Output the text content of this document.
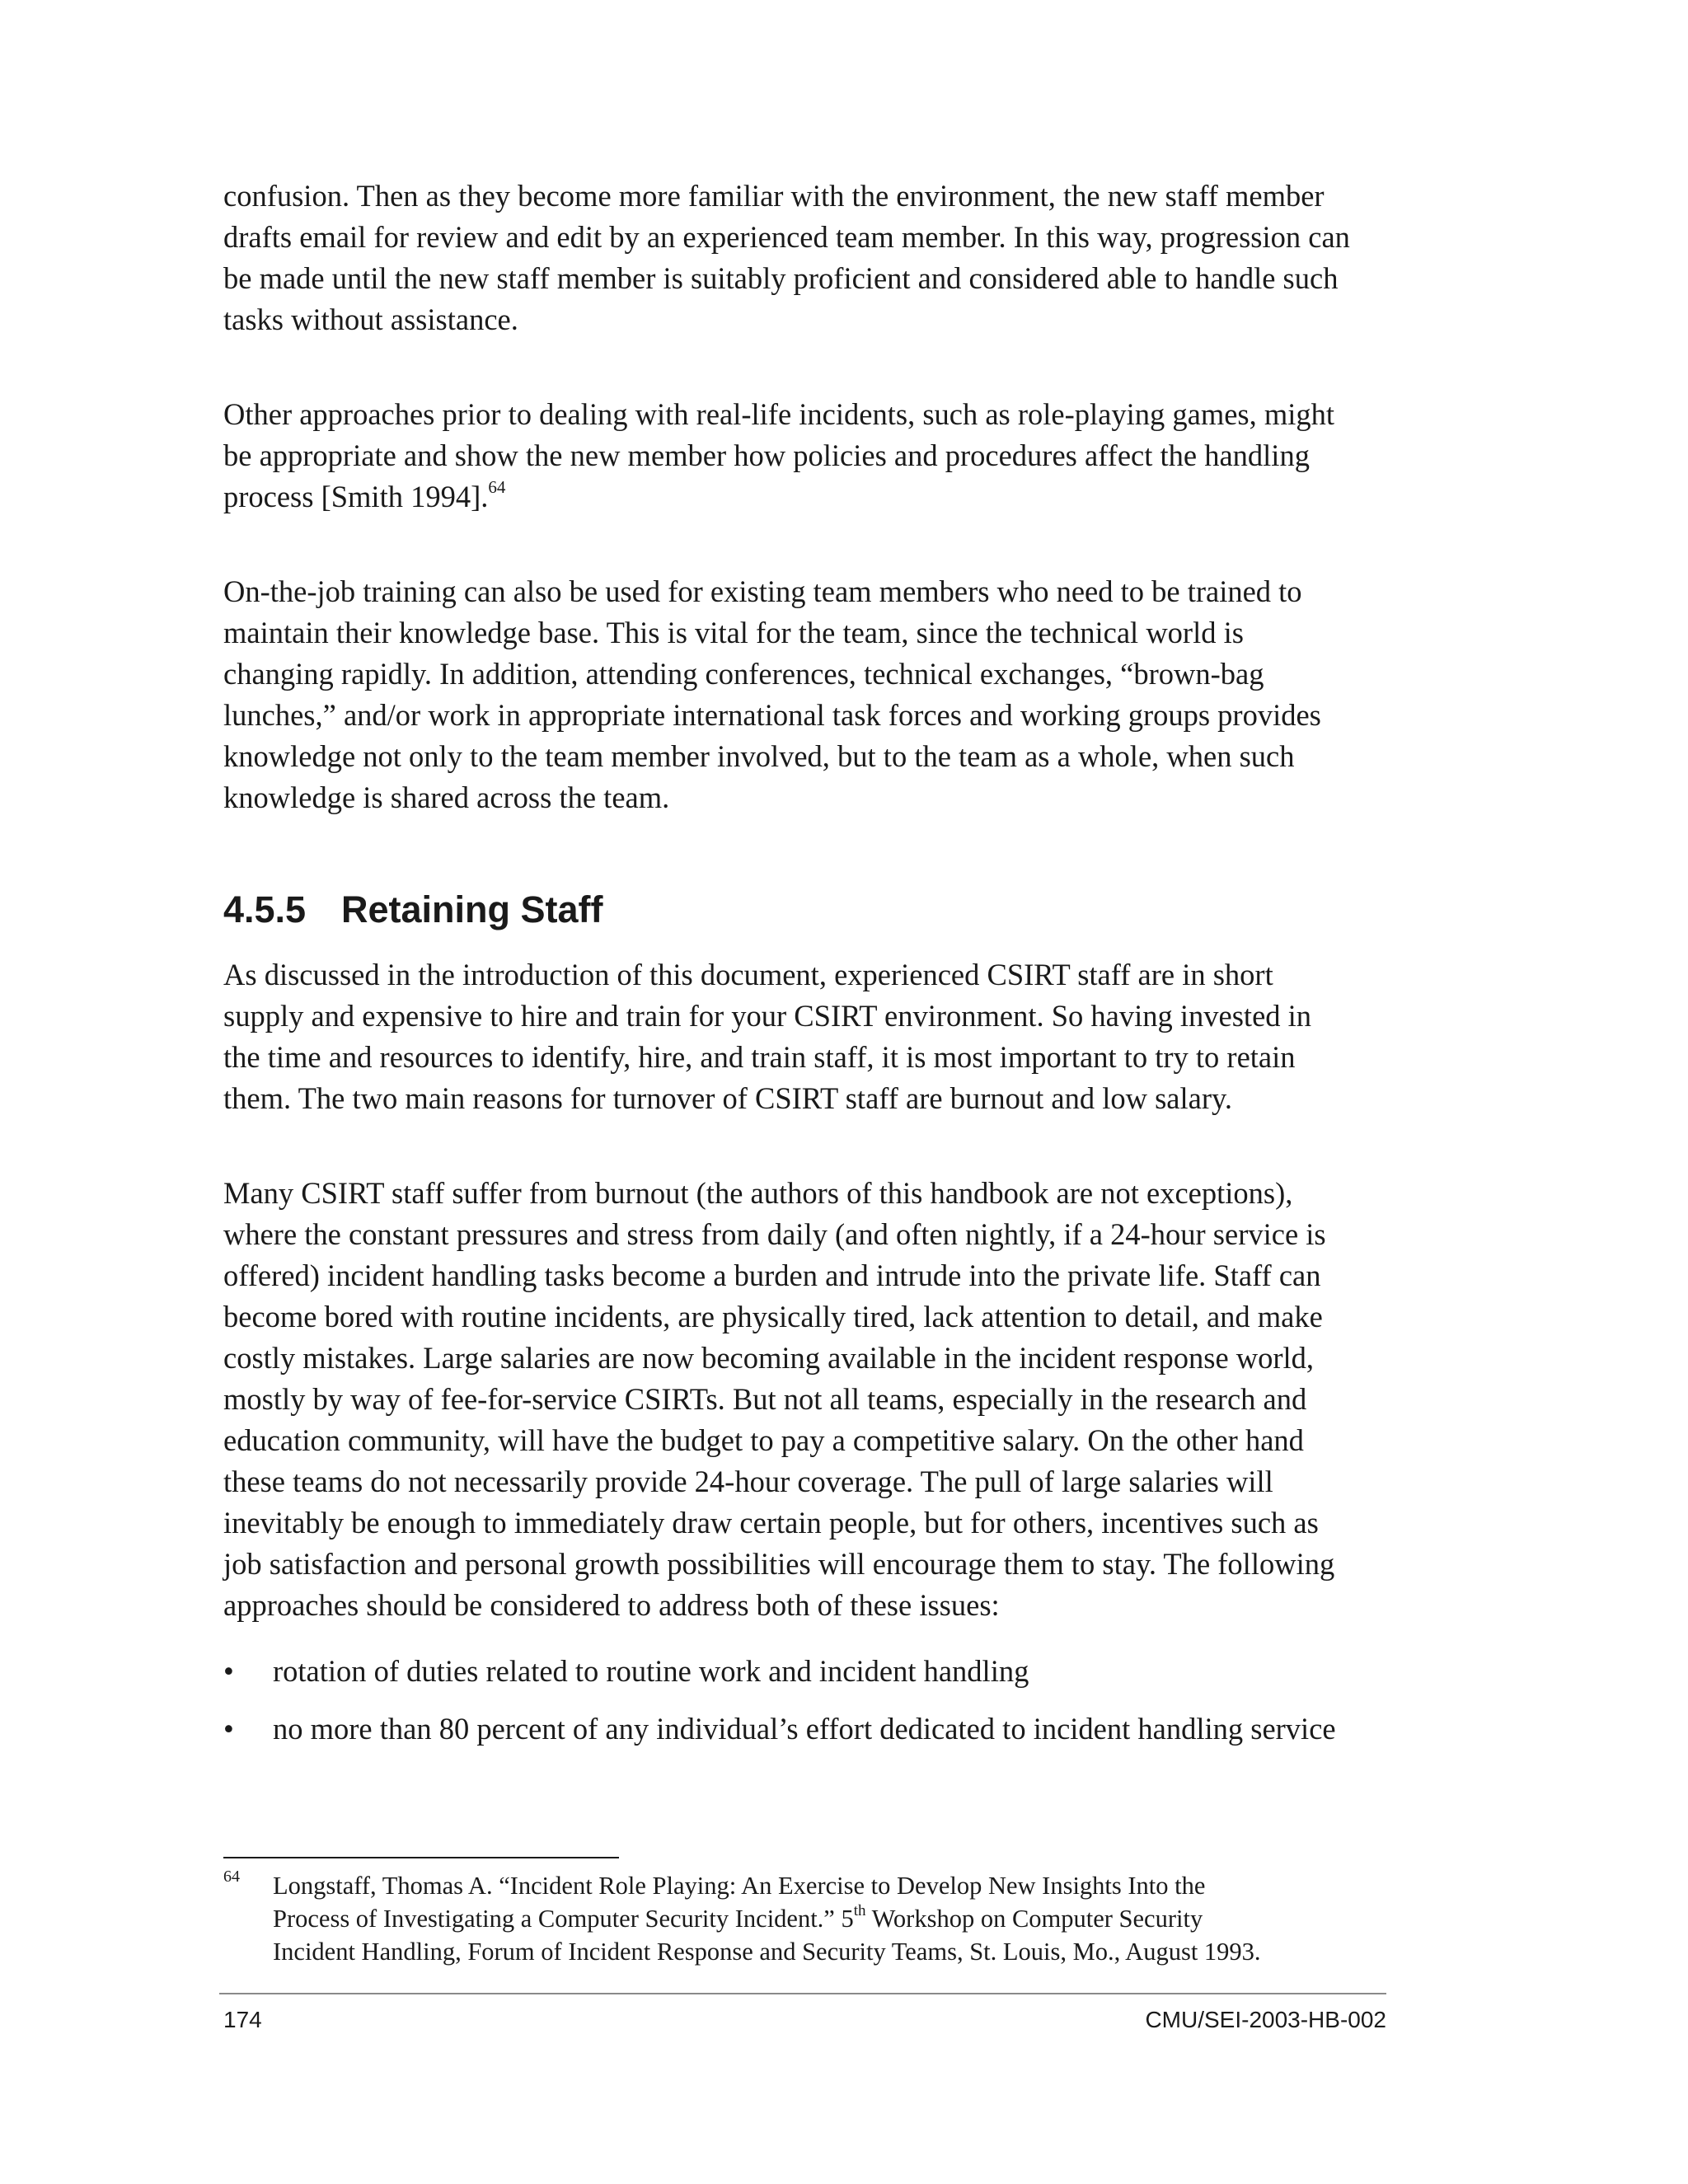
confusion. Then as they become more familiar with the environment, the new staff member
drafts email for review and edit by an experienced team member. In this way, progression can
be made until the new staff member is suitably proficient and considered able to handle such
tasks without assistance.

Other approaches prior to dealing with real-life incidents, such as role-playing games, might
be appropriate and show the new member how policies and procedures affect the handling
process [Smith 1994].$^{64}$

On-the-job training can also be used for existing team members who need to be trained to
maintain their knowledge base. This is vital for the team, since the technical world is
changing rapidly. In addition, attending conferences, technical exchanges, “brown-bag
lunches,” and/or work in appropriate international task forces and working groups provides
knowledge not only to the team member involved, but to the team as a whole, when such
knowledge is shared across the team.

4.5.5 Retaining Staff

As discussed in the introduction of this document, experienced CSIRT staff are in short
supply and expensive to hire and train for your CSIRT environment. So having invested in
the time and resources to identify, hire, and train staff, it is most important to try to retain
them. The two main reasons for turnover of CSIRT staff are burnout and low salary.

Many CSIRT staff suffer from burnout (the authors of this handbook are not exceptions),
where the constant pressures and stress from daily (and often nightly, if a 24-hour service is
offered) incident handling tasks become a burden and intrude into the private life. Staff can
become bored with routine incidents, are physically tired, lack attention to detail, and make
costly mistakes. Large salaries are now becoming available in the incident response world,
mostly by way of fee-for-service CSIRTs. But not all teams, especially in the research and
education community, will have the budget to pay a competitive salary. On the other hand
these teams do not necessarily provide 24-hour coverage. The pull of large salaries will
inevitably be enough to immediately draw certain people, but for others, incentives such as
job satisfaction and personal growth possibilities will encourage them to stay. The following
approaches should be considered to address both of these issues:

•	rotation of duties related to routine work and incident handling
•	no more than 80 percent of any individual’s effort dedicated to incident handling service
64 Longstaff, Thomas A. “Incident Role Playing: An Exercise to Develop New Insights Into the
Process of Investigating a Computer Security Incident.” 5th Workshop on Computer Security
Incident Handling, Forum of Incident Response and Security Teams, St. Louis, Mo., August 1993.
174	CMU/SEI-2003-HB-002
